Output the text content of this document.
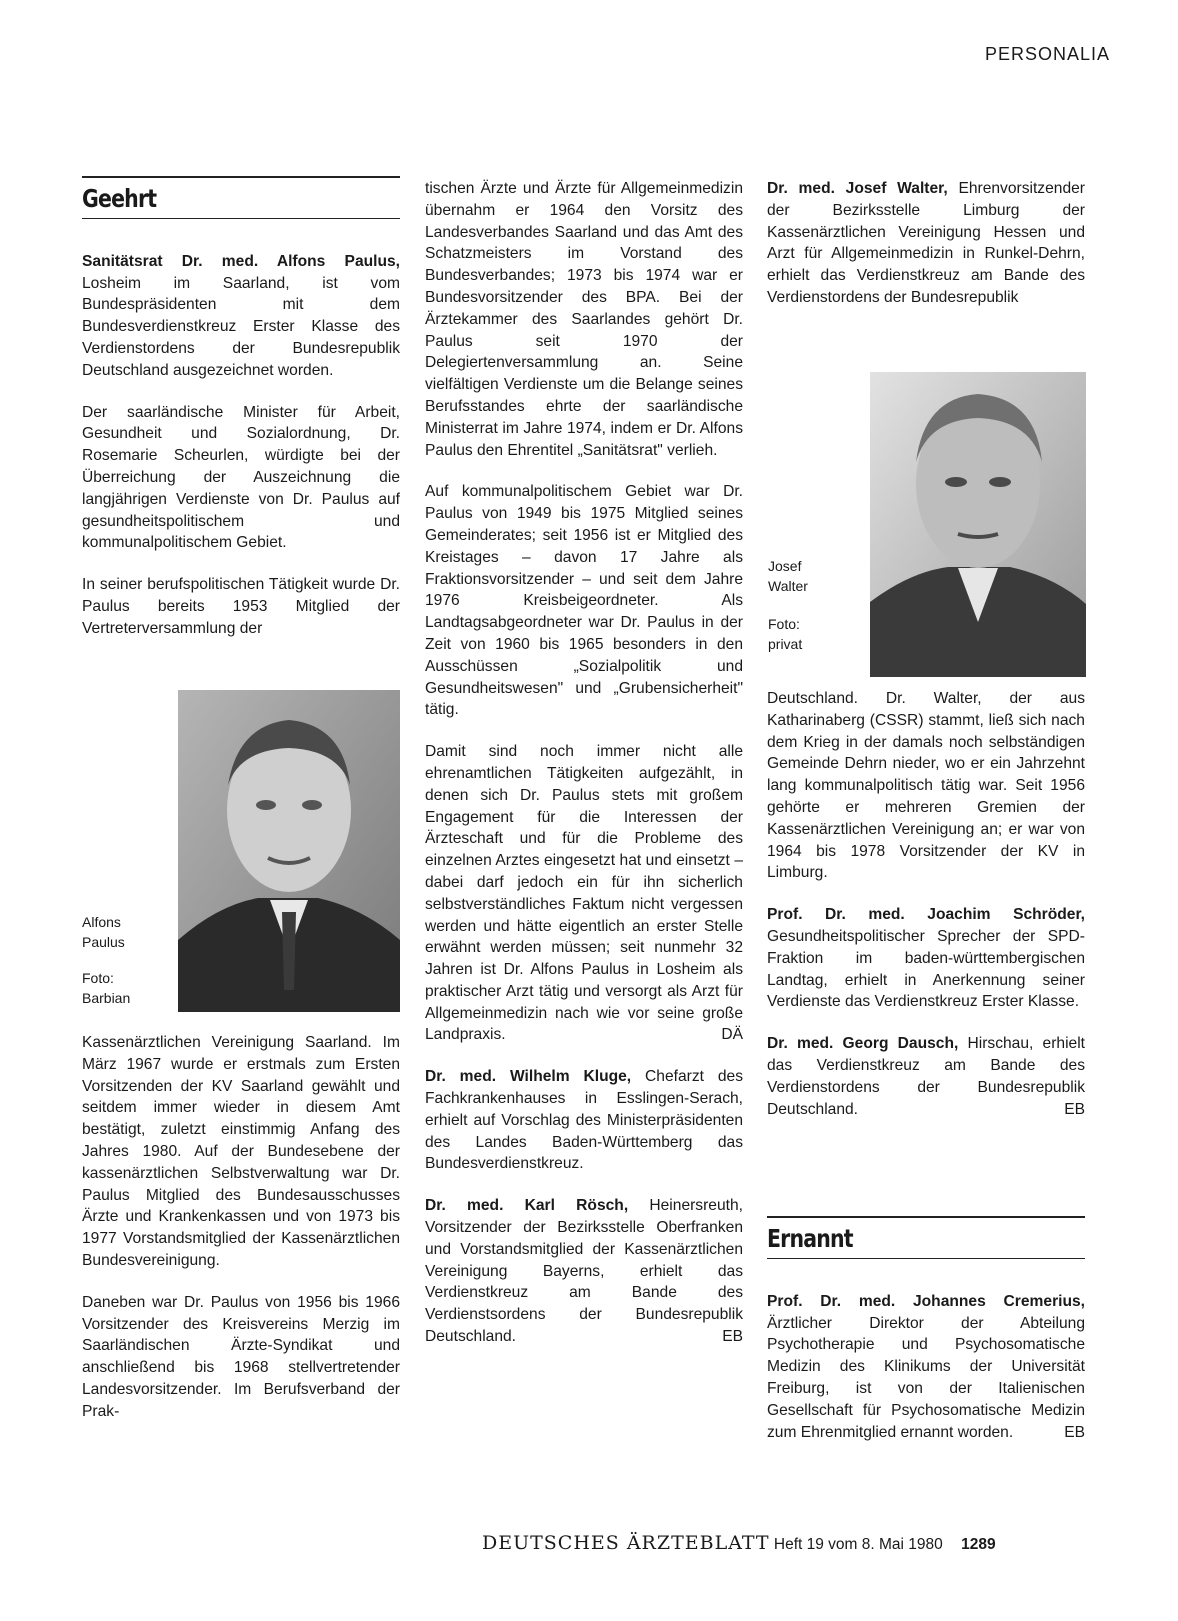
PERSONALIA
Geehrt

Sanitätsrat Dr. med. Alfons Paulus, Losheim im Saarland, ist vom Bundespräsidenten mit dem Bundesverdienstkreuz Erster Klasse des Verdienstordens der Bundesrepublik Deutschland ausgezeichnet worden.

Der saarländische Minister für Arbeit, Gesundheit und Sozialordnung, Dr. Rosemarie Scheurlen, würdigte bei der Überreichung der Auszeichnung die langjährigen Verdienste von Dr. Paulus auf gesundheitspolitischem und kommunalpolitischem Gebiet.

In seiner berufspolitischen Tätigkeit wurde Dr. Paulus bereits 1953 Mitglied der Vertreterversammlung der

Alfons
Paulus
Foto:
Barbian

Kassenärztlichen Vereinigung Saarland. Im März 1967 wurde er erstmals zum Ersten Vorsitzenden der KV Saarland gewählt und seitdem immer wieder in diesem Amt bestätigt, zuletzt einstimmig Anfang des Jahres 1980. Auf der Bundesebene der kassenärztlichen Selbstverwaltung war Dr. Paulus Mitglied des Bundesausschusses Ärzte und Krankenkassen und von 1973 bis 1977 Vorstandsmitglied der Kassenärztlichen Bundesvereinigung.

Daneben war Dr. Paulus von 1956 bis 1966 Vorsitzender des Kreisvereins Merzig im Saarländischen Ärzte-Syndikat und anschließend bis 1968 stellvertretender Landesvorsitzender. Im Berufsverband der Prak-

tischen Ärzte und Ärzte für Allgemeinmedizin übernahm er 1964 den Vorsitz des Landesverbandes Saarland und das Amt des Schatzmeisters im Vorstand des Bundesverbandes; 1973 bis 1974 war er Bundesvorsitzender des BPA. Bei der Ärztekammer des Saarlandes gehört Dr. Paulus seit 1970 der Delegiertenversammlung an. Seine vielfältigen Verdienste um die Belange seines Berufsstandes ehrte der saarländische Ministerrat im Jahre 1974, indem er Dr. Alfons Paulus den Ehrentitel „Sanitätsrat" verlieh.

Auf kommunalpolitischem Gebiet war Dr. Paulus von 1949 bis 1975 Mitglied seines Gemeinderates; seit 1956 ist er Mitglied des Kreistages – davon 17 Jahre als Fraktionsvorsitzender – und seit dem Jahre 1976 Kreisbeigeordneter. Als Landtagsabgeordneter war Dr. Paulus in der Zeit von 1960 bis 1965 besonders in den Ausschüssen „Sozialpolitik und Gesundheitswesen" und „Grubensicherheit" tätig.

Damit sind noch immer nicht alle ehrenamtlichen Tätigkeiten aufgezählt, in denen sich Dr. Paulus stets mit großem Engagement für die Interessen der Ärzteschaft und für die Probleme des einzelnen Arztes eingesetzt hat und einsetzt – dabei darf jedoch ein für ihn sicherlich selbstverständliches Faktum nicht vergessen werden und hätte eigentlich an erster Stelle erwähnt werden müssen; seit nunmehr 32 Jahren ist Dr. Alfons Paulus in Losheim als praktischer Arzt tätig und versorgt als Arzt für Allgemeinmedizin nach wie vor seine große Landpraxis.	DÄ

Dr. med. Wilhelm Kluge, Chefarzt des Fachkrankenhauses in Esslingen-Serach, erhielt auf Vorschlag des Ministerpräsidenten des Landes Baden-Württemberg das Bundesverdienstkreuz.

Dr. med. Karl Rösch, Heinersreuth, Vorsitzender der Bezirksstelle Oberfranken und Vorstandsmitglied der Kassenärztlichen Vereinigung Bayerns, erhielt das Verdienstkreuz am Bande des Verdienstsordens der Bundesrepublik Deutschland.	EB

Dr. med. Josef Walter, Ehrenvorsitzender der Bezirksstelle Limburg der Kassenärztlichen Vereinigung Hessen und Arzt für Allgemeinmedizin in Runkel-Dehrn, erhielt das Verdienstkreuz am Bande des Verdienstordens der Bundesrepublik

Josef
Walter
Foto:
privat

Deutschland. Dr. Walter, der aus Katharinaberg (CSSR) stammt, ließ sich nach dem Krieg in der damals noch selbständigen Gemeinde Dehrn nieder, wo er ein Jahrzehnt lang kommunalpolitisch tätig war. Seit 1956 gehörte er mehreren Gremien der Kassenärztlichen Vereinigung an; er war von 1964 bis 1978 Vorsitzender der KV in Limburg.

Prof. Dr. med. Joachim Schröder, Gesundheitspolitischer Sprecher der SPD-Fraktion im baden-württembergischen Landtag, erhielt in Anerkennung seiner Verdienste das Verdienstkreuz Erster Klasse.

Dr. med. Georg Dausch, Hirschau, erhielt das Verdienstkreuz am Bande des Verdienstordens der Bundesrepublik Deutschland.	EB

Ernannt

Prof. Dr. med. Johannes Cremerius, Ärztlicher Direktor der Abteilung Psychotherapie und Psychosomatische Medizin des Klinikums der Universität Freiburg, ist von der Italienischen Gesellschaft für Psychosomatische Medizin zum Ehrenmitglied ernannt worden.	EB

DEUTSCHES ÄRZTEBLATT Heft 19 vom 8. Mai 1980 1289
